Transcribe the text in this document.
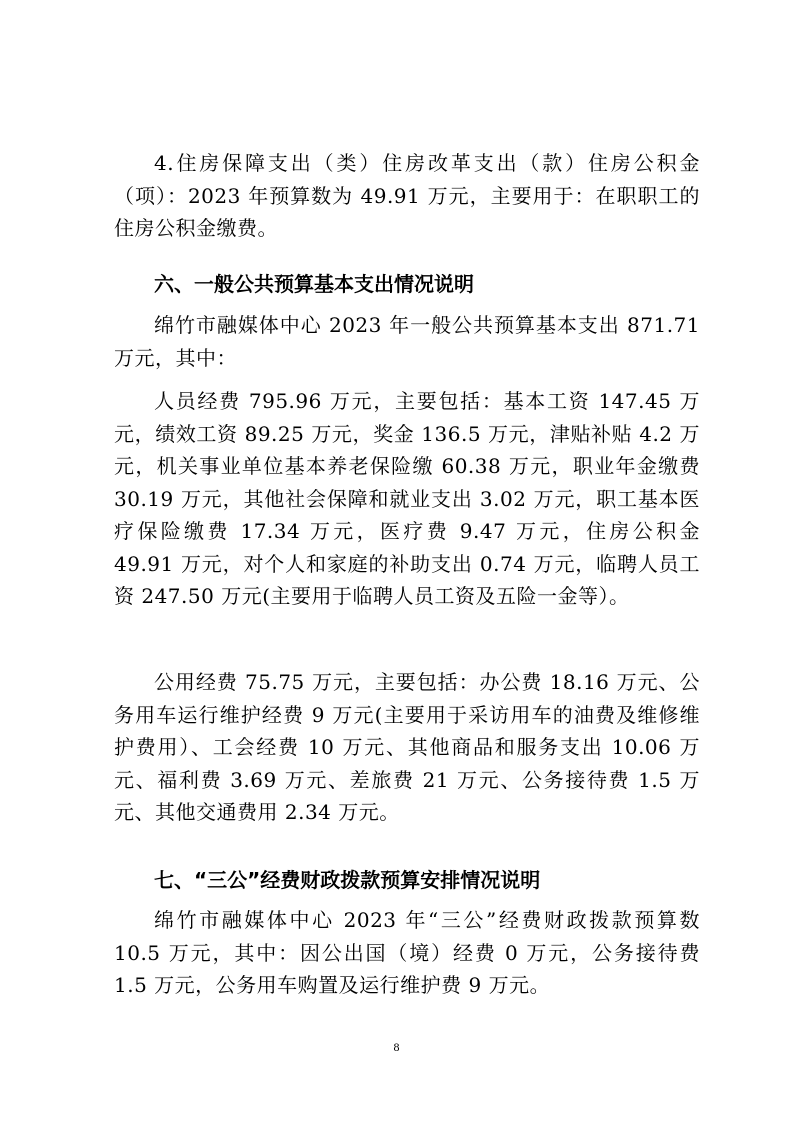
4.住房保障支出（类）住房改革支出（款）住房公积金（项）：2023 年预算数为 49.91 万元，主要用于：在职职工的住房公积金缴费。

六、一般公共预算基本支出情况说明

绵竹市融媒体中心 2023 年一般公共预算基本支出 871.71 万元，其中：

人员经费 795.96 万元，主要包括：基本工资 147.45 万元，绩效工资 89.25 万元，奖金 136.5 万元，津贴补贴 4.2 万元，机关事业单位基本养老保险缴 60.38 万元，职业年金缴费 30.19 万元，其他社会保障和就业支出 3.02 万元，职工基本医疗保险缴费 17.34 万元，医疗费 9.47 万元，住房公积金 49.91 万元，对个人和家庭的补助支出 0.74 万元，临聘人员工资 247.50 万元(主要用于临聘人员工资及五险一金等）。

公用经费 75.75 万元，主要包括：办公费 18.16 万元、公务用车运行维护经费 9 万元(主要用于采访用车的油费及维修维护费用）、工会经费 10 万元、其他商品和服务支出 10.06 万元、福利费 3.69 万元、差旅费 21 万元、公务接待费 1.5 万元、其他交通费用 2.34 万元。

七、“三公”经费财政拨款预算安排情况说明

绵竹市融媒体中心 2023 年“三公”经费财政拨款预算数 10.5 万元，其中：因公出国（境）经费 0 万元，公务接待费 1.5 万元，公务用车购置及运行维护费 9 万元。

8
